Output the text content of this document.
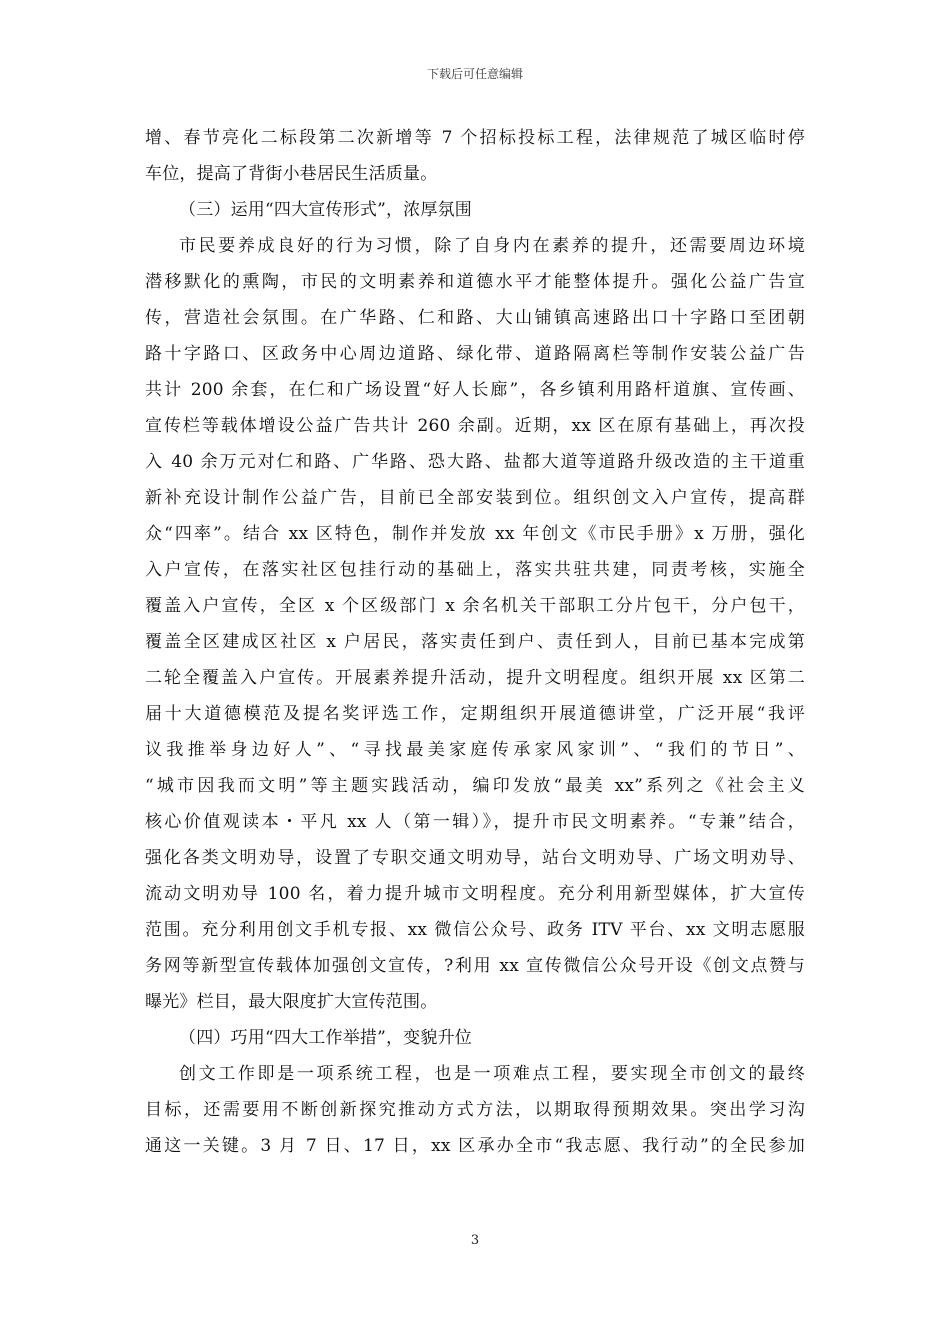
下载后可任意编辑
增、春节亮化二标段第二次新增等 7 个招标投标工程，法律规范了城区临时停
车位，提高了背街小巷居民生活质量。
（三）运用“四大宣传形式”，浓厚氛围
市民要养成良好的行为习惯，除了自身内在素养的提升，还需要周边环境
潜移默化的熏陶，市民的文明素养和道德水平才能整体提升。强化公益广告宣
传，营造社会氛围。在广华路、仁和路、大山铺镇高速路出口十字路口至团朝
路十字路口、区政务中心周边道路、绿化带、道路隔离栏等制作安装公益广告
共计 200 余套，在仁和广场设置“好人长廊”，各乡镇利用路杆道旗、宣传画、
宣传栏等载体增设公益广告共计 260 余副。近期，xx 区在原有基础上，再次投
入 40 余万元对仁和路、广华路、恐大路、盐都大道等道路升级改造的主干道重
新补充设计制作公益广告，目前已全部安装到位。组织创文入户宣传，提高群
众“四率”。结合 xx 区特色，制作并发放 xx 年创文《市民手册》x 万册，强化
入户宣传，在落实社区包挂行动的基础上，落实共驻共建，同责考核，实施全
覆盖入户宣传，全区 x 个区级部门 x 余名机关干部职工分片包干，分户包干，
覆盖全区建成区社区 x 户居民，落实责任到户、责任到人，目前已基本完成第
二轮全覆盖入户宣传。开展素养提升活动，提升文明程度。组织开展 xx 区第二
届十大道德模范及提名奖评选工作，定期组织开展道德讲堂，广泛开展“我评
议我推举身边好人”、“寻找最美家庭传承家风家训”、“我们的节日”、
“城市因我而文明”等主题实践活动，编印发放“最美 xx”系列之《社会主义
核心价值观读本・平凡 xx 人（第一辑）》，提升市民文明素养。“专兼”结合，
强化各类文明劝导，设置了专职交通文明劝导，站台文明劝导、广场文明劝导、
流动文明劝导 100 名，着力提升城市文明程度。充分利用新型媒体，扩大宣传
范围。充分利用创文手机专报、xx 微信公众号、政务 ITV 平台、xx 文明志愿服
务网等新型宣传载体加强创文宣传，?利用 xx 宣传微信公众号开设《创文点赞与
曝光》栏目，最大限度扩大宣传范围。
（四）巧用“四大工作举措”，变貌升位
创文工作即是一项系统工程，也是一项难点工程，要实现全市创文的最终
目标，还需要用不断创新探究推动方式方法，以期取得预期效果。突出学习沟
通这一关键。3 月 7 日、17 日，xx 区承办全市“我志愿、我行动”的全民参加
3
